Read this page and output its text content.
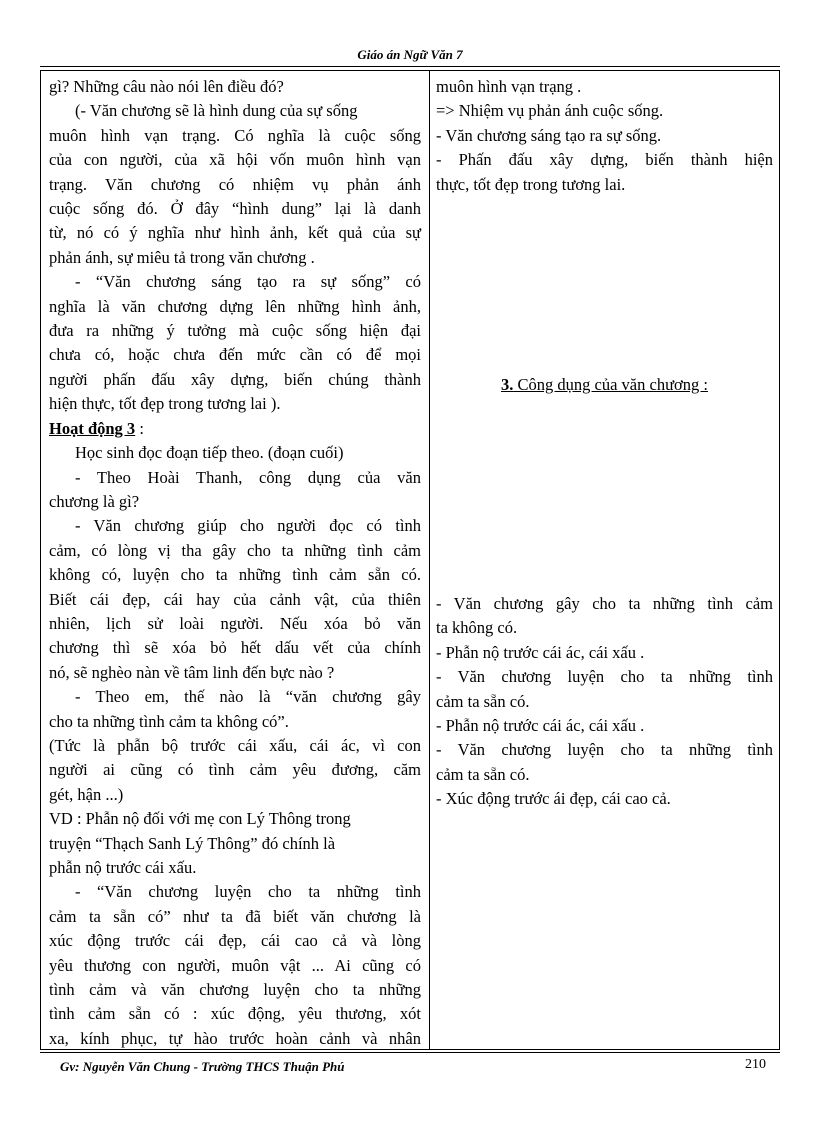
Giáo án Ngữ Văn 7
gì? Những câu nào nói lên điều đó?
(- Văn chương sẽ là hình dung của sự sống
muôn hình vạn trạng. Có nghĩa là cuộc sống
của con người, của xã hội vốn muôn hình vạn
trạng. Văn chương có nhiệm vụ phản ánh
cuộc sống đó. Ở đây “hình dung” lại là danh
từ, nó có ý nghĩa như hình ảnh, kết quả của sự
phản ánh, sự miêu tả trong văn chương .
- “Văn chương sáng tạo ra sự sống” có
nghĩa là văn chương dựng lên những hình ảnh,
đưa ra những ý tưởng mà cuộc sống hiện đại
chưa có, hoặc chưa đến mức cần có để mọi
người phấn đấu xây dựng, biến chúng thành
hiện thực, tốt đẹp trong tương lai ).
Hoạt động 3 :
Học sinh đọc đoạn tiếp theo. (đoạn cuối)
- Theo Hoài Thanh, công dụng của văn
chương là gì?
- Văn chương giúp cho người đọc có tình
cảm, có lòng vị tha gây cho ta những tình cảm
không có, luyện cho ta những tình cảm sẵn có.
Biết cái đẹp, cái hay của cảnh vật, của thiên
nhiên, lịch sử loài người. Nếu xóa bỏ văn
chương thì sẽ xóa bỏ hết dấu vết của chính
nó, sẽ nghèo nàn về tâm linh đến bực nào ?
- Theo em, thế nào là “văn chương gây
cho ta những tình cảm ta không có”.
(Tức là phẫn bộ trước cái xấu, cái ác, vì con
người ai cũng có tình cảm yêu đương, căm
gét, hận ...)
VD : Phẫn nộ đối với mẹ con Lý Thông trong
truyện “Thạch Sanh Lý Thông” đó chính là
phẫn nộ trước cái xấu.
- “Văn chương luyện cho ta những tình
cảm ta sẵn có” như ta đã biết văn chương là
xúc động trước cái đẹp, cái cao cả và lòng
yêu thương con người, muôn vật ... Ai cũng có
tình cảm và văn chương luyện cho ta những
tình cảm sẵn có : xúc động, yêu thương, xót
xa, kính phục, tự hào trước hoàn cảnh và nhân
muôn hình vạn trạng .
=> Nhiệm vụ phản ánh cuộc sống.
- Văn chương sáng tạo ra sự sống.
- Phấn đấu xây dựng, biến thành hiện
thực, tốt đẹp trong tương lai.
3. Công dụng của văn chương :
- Văn chương gây cho ta những tình cảm
ta không có.
- Phẫn nộ trước cái ác, cái xấu .
- Văn chương luyện cho ta những tình
cảm ta sẵn có.
- Phẫn nộ trước cái ác, cái xấu .
- Văn chương luyện cho ta những tình
cảm ta sẵn có.
- Xúc động trước ái đẹp, cái cao cả.
Gv: Nguyễn Văn Chung - Trường THCS Thuận Phú	210
